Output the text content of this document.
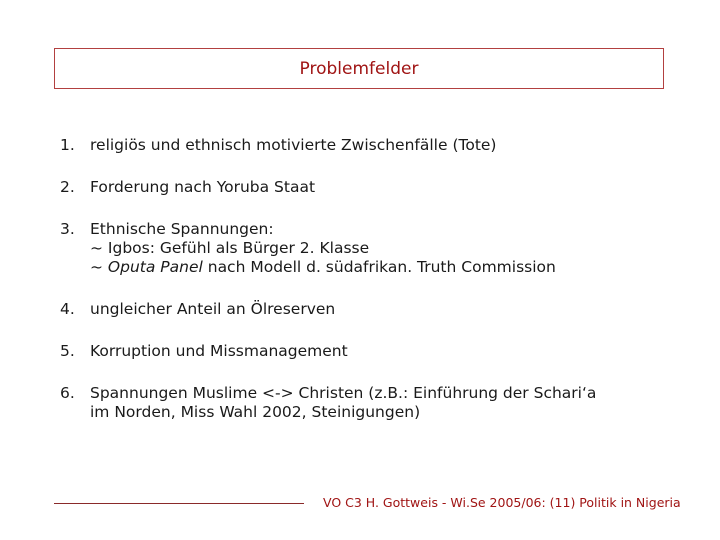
Problemfelder
1. religiös und ethnisch motivierte Zwischenfälle (Tote)

2. Forderung nach Yoruba Staat

3. Ethnische Spannungen:

~ Igbos: Gefühl als Bürger 2. Klasse

~ Oputa Panel nach Modell d. südafrikan. Truth Commission

4. ungleicher Anteil an Ölreserven

5. Korruption und Missmanagement

6. Spannungen Muslime <-> Christen (z.B.: Einführung der Schari‘a

im Norden, Miss Wahl 2002, Steinigungen)

VO C3 H. Gottweis - Wi.Se 2005/06: (11) Politik in Nigeria
